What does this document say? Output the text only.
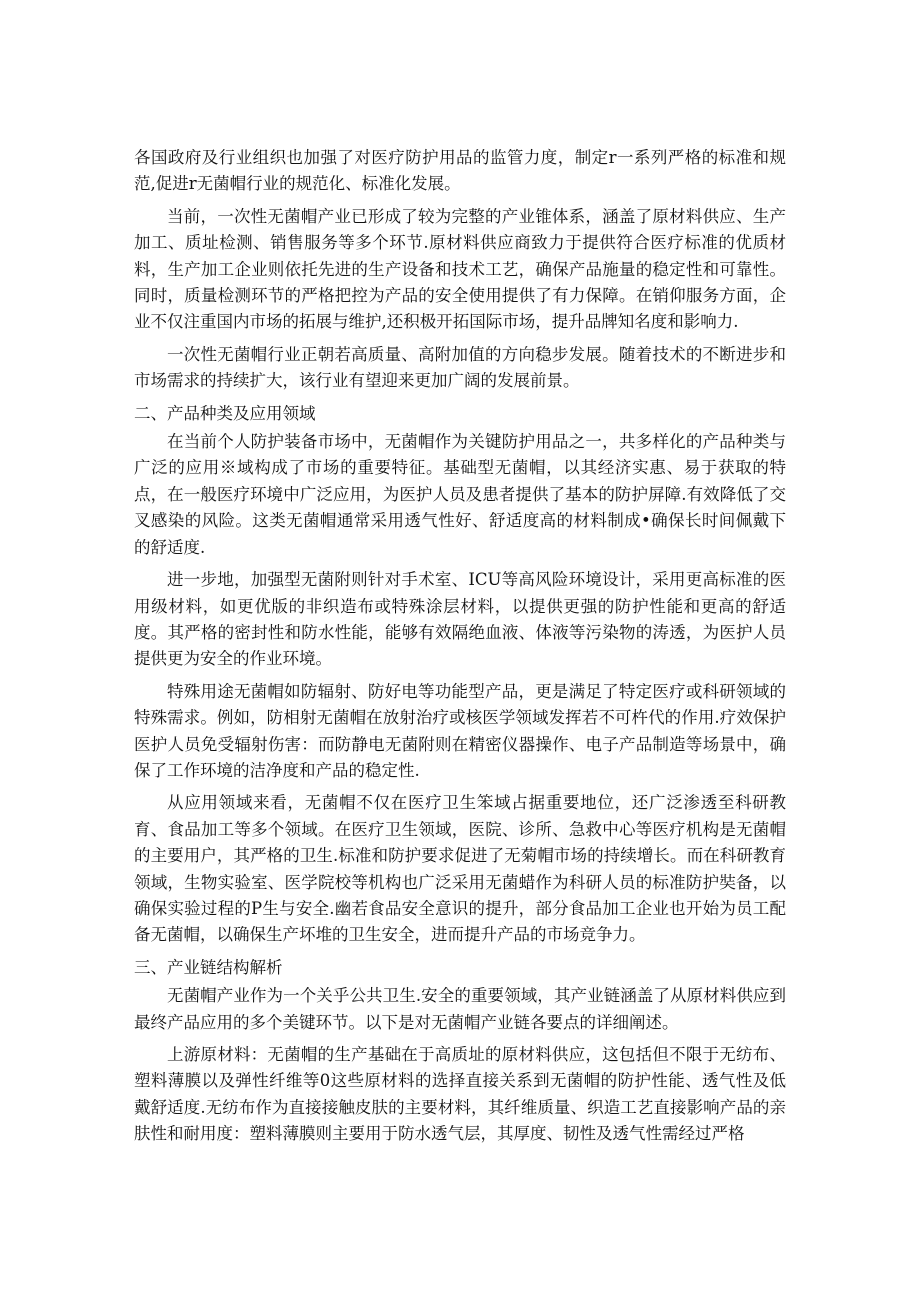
各国政府及行业组织也加强了对医疗防护用品的监管力度，制定r一系列严格的标准和规范,促进r无菌帽行业的规范化、标准化发展。

当前，一次性无菌帽产业已形成了较为完整的产业锥体系，涵盖了原材料供应、生产加工、质址检测、销售服务等多个环节.原材料供应商致力于提供符合医疗标准的优质材料，生产加工企业则依托先进的生产设备和技术工艺，确保产品施量的稳定性和可靠性。同时，质量检测环节的严格把控为产品的安全使用提供了有力保障。在销仰服务方面，企业不仅注重国内市场的拓展与维护,还积极开拓国际市场，提升品牌知名度和影响力.

一次性无菌帽行业正朝若高质量、高附加值的方向稳步发展。随着技术的不断进步和市场需求的持续扩大，该行业有望迎来更加广阔的发展前景。

二、产品种类及应用领域

在当前个人防护装备市场中，无菌帽作为关键防护用品之一，共多样化的产品种类与广泛的应用※域构成了市场的重要特征。基础型无菌帽，以其经济实惠、易于获取的特点，在一般医疗环境中广泛应用，为医护人员及患者提供了基本的防护屏障.有效降低了交叉感染的风险。这类无菌帽通常采用透气性好、舒适度高的材料制成•确保长时间佩戴下的舒适度.

进一步地，加强型无菌附则针对手术室、ICU等高风险环境设计，采用更高标准的医用级材料，如更优版的非织造布或特殊涂层材料，以提供更强的防护性能和更高的舒适度。其严格的密封性和防水性能，能够有效隔绝血液、体液等污染物的涛透，为医护人员提供更为安全的作业环境。

特殊用途无菌帽如防辐射、防好电等功能型产品，更是满足了特定医疗或科研领域的特殊需求。例如，防相射无菌帽在放射治疗或核医学领域发挥若不可杵代的作用.疗效保护医护人员免受辐射伤害：而防静电无菌附则在精密仪器操作、电子产品制造等场景中，确保了工作环境的洁净度和产品的稳定性.

从应用领域来看，无菌帽不仅在医疗卫生笨域占据重要地位，还广泛渗透至科研教育、食品加工等多个领域。在医疗卫生领域，医院、诊所、急救中心等医疗机构是无菌帽的主要用户，其严格的卫生.标准和防护要求促进了无菊帽市场的持续增长。而在科研教育领域，生物实验室、医学院校等机构也广泛采用无菌蜡作为科研人员的标准防护奘备，以确保实验过程的P生与安全.幽若食品安全意识的提升，部分食品加工企业也开始为员工配备无菌帽，以确保生产坏堆的卫生安全，进而提升产品的市场竞争力。

三、产业链结构解析

无菌帽产业作为一个关乎公共卫生.安全的重要领域，其产业链涵盖了从原材料供应到最终产品应用的多个美键环节。以下是对无菌帽产业链各要点的详细阐述。

上游原材料：无菌帽的生产基础在于高质址的原材料供应，这包括但不限于无纺布、塑料薄膜以及弹性纤维等0这些原材料的选择直接关系到无菌帽的防护性能、透气性及低戴舒适度.无纺布作为直接接触皮肤的主要材料，其纤维质量、织造工艺直接影响产品的亲肤性和耐用度：塑料薄膜则主要用于防水透气层，其厚度、韧性及透气性需经过严格
